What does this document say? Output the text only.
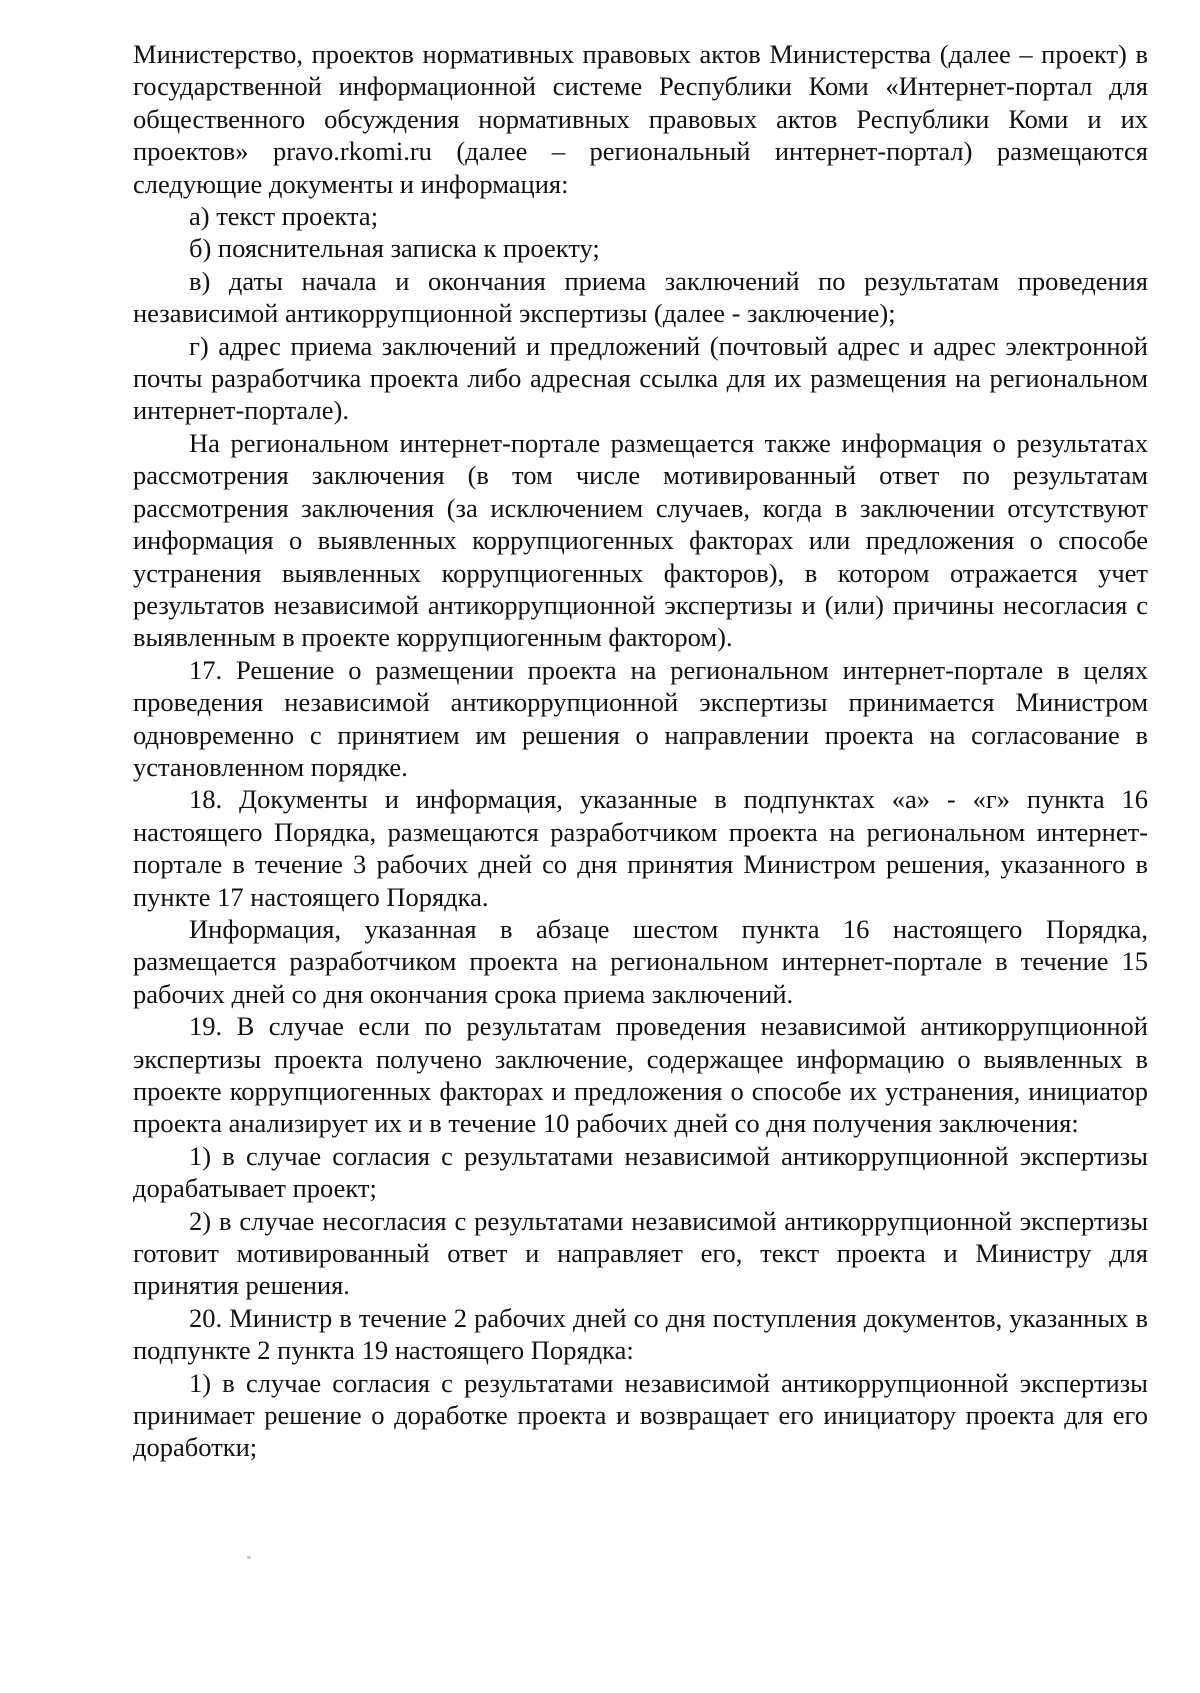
Министерство, проектов нормативных правовых актов Министерства (далее – проект) в государственной информационной системе Республики Коми «Интернет-портал для общественного обсуждения нормативных правовых актов Республики Коми и их проектов» pravo.rkomi.ru (далее – региональный интернет-портал) размещаются следующие документы и информация:

а) текст проекта;

б) пояснительная записка к проекту;

в) даты начала и окончания приема заключений по результатам проведения независимой антикоррупционной экспертизы (далее - заключение);

г) адрес приема заключений и предложений (почтовый адрес и адрес электронной почты разработчика проекта либо адресная ссылка для их размещения на региональном интернет-портале).

На региональном интернет-портале размещается также информация о результатах рассмотрения заключения (в том числе мотивированный ответ по результатам рассмотрения заключения (за исключением случаев, когда в заключении отсутствуют информация о выявленных коррупциогенных факторах или предложения о способе устранения выявленных коррупциогенных факторов), в котором отражается учет результатов независимой антикоррупционной экспертизы и (или) причины несогласия с выявленным в проекте коррупциогенным фактором).

17. Решение о размещении проекта на региональном интернет-портале в целях проведения независимой антикоррупционной экспертизы принимается Министром одновременно с принятием им решения о направлении проекта на согласование в установленном порядке.

18. Документы и информация, указанные в подпунктах «а» - «г» пункта 16 настоящего Порядка, размещаются разработчиком проекта на региональном интернет-портале в течение 3 рабочих дней со дня принятия Министром решения, указанного в пункте 17 настоящего Порядка.

Информация, указанная в абзаце шестом пункта 16 настоящего Порядка, размещается разработчиком проекта на региональном интернет-портале в течение 15 рабочих дней со дня окончания срока приема заключений.

19. В случае если по результатам проведения независимой антикоррупционной экспертизы проекта получено заключение, содержащее информацию о выявленных в проекте коррупциогенных факторах и предложения о способе их устранения, инициатор проекта анализирует их и в течение 10 рабочих дней со дня получения заключения:

1) в случае согласия с результатами независимой антикоррупционной экспертизы дорабатывает проект;

2) в случае несогласия с результатами независимой антикоррупционной экспертизы готовит мотивированный ответ и направляет его, текст проекта и Министру для принятия решения.

20. Министр в течение 2 рабочих дней со дня поступления документов, указанных в подпункте 2 пункта 19 настоящего Порядка:

1) в случае согласия с результатами независимой антикоррупционной экспертизы принимает решение о доработке проекта и возвращает его инициатору проекта для его доработки;
